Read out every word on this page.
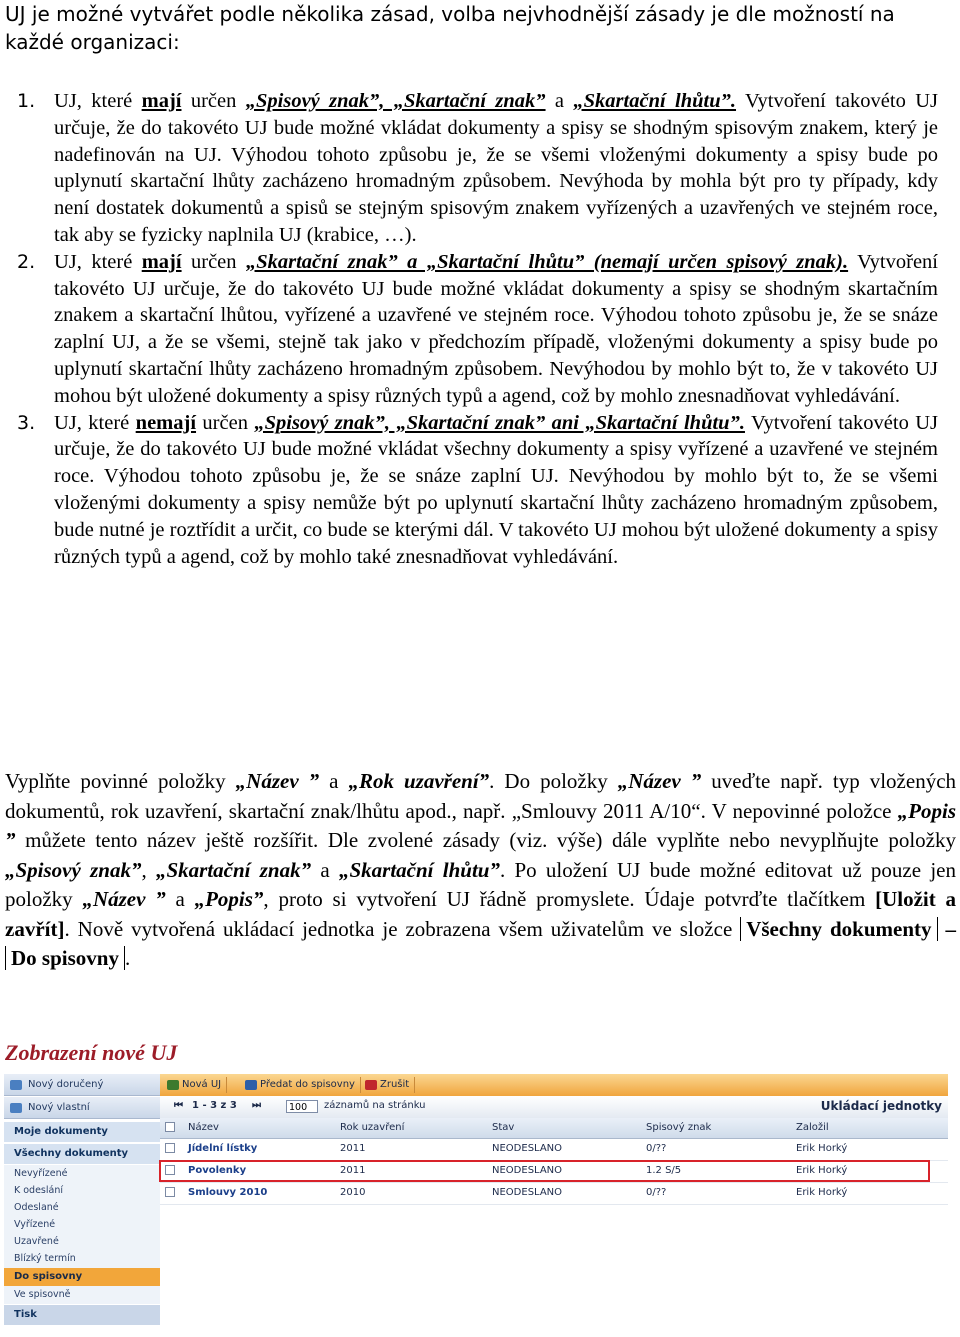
UJ je možné vytvářet podle několika zásad, volba nejvhodnější zásady je dle možností na každé organizaci:

1. UJ, které mají určen „Spisový znak”, „Skartační znak” a „Skartační lhůtu”. Vytvoření takovéto UJ určuje, že do takovéto UJ bude možné vkládat dokumenty a spisy se shodným spisovým znakem, který je nadefinován na UJ. Výhodou tohoto způsobu je, že se všemi vloženými dokumenty a spisy bude po uplynutí skartační lhůty zacházeno hromadným způsobem. Nevýhoda by mohla být pro ty případy, kdy není dostatek dokumentů a spisů se stejným spisovým znakem vyřízených a uzavřených ve stejném roce, tak aby se fyzicky naplnila UJ (krabice, …).
2. UJ, které mají určen „Skartační znak” a „Skartační lhůtu” (nemají určen spisový znak). Vytvoření takovéto UJ určuje, že do takovéto UJ bude možné vkládat dokumenty a spisy se shodným skartačním znakem a skartační lhůtou, vyřízené a uzavřené ve stejném roce. Výhodou tohoto způsobu je, že se snáze zaplní UJ, a že se všemi, stejně tak jako v předchozím případě, vloženými dokumenty a spisy bude po uplynutí skartační lhůty zacházeno hromadným způsobem. Nevýhodou by mohlo být to, že v takovéto UJ mohou být uložené dokumenty a spisy různých typů a agend, což by mohlo znesnadňovat vyhledávání.
3. UJ, které nemají určen „Spisový znak”, „Skartační znak” ani „Skartační lhůtu”. Vytvoření takovéto UJ určuje, že do takovéto UJ bude možné vkládat všechny dokumenty a spisy vyřízené a uzavřené ve stejném roce. Výhodou tohoto způsobu je, že se snáze zaplní UJ. Nevýhodou by mohlo být to, že se všemi vloženými dokumenty a spisy nemůže být po uplynutí skartační lhůty zacházeno hromadným způsobem, bude nutné je roztřídit a určit, co bude se kterými dál. V takovéto UJ mohou být uložené dokumenty a spisy různých typů a agend, což by mohlo také znesnadňovat vyhledávání.

Vyplňte povinné položky „Název ” a „Rok uzavření”. Do položky „Název ” uveďte např. typ vložených dokumentů, rok uzavření, skartační znak/lhůtu apod., např. „Smlouvy 2011 A/10“. V nepovinné položce „Popis ” můžete tento název ještě rozšířit. Dle zvolené zásady (viz. výše) dále vyplňte nebo nevyplňujte položky „Spisový znak”, „Skartační znak” a „Skartační lhůtu”. Po uložení UJ bude možné editovat už pouze jen položky „Název ” a „Popis”, proto si vytvoření UJ řádně promyslete. Údaje potvrďte tlačítkem [Uložit a zavřít]. Nově vytvořená ukládací jednotka je zobrazena všem uživatelům ve složce Všechny dokumenty – Do spisovny .

Zobrazení nové UJ
Nový doručený
Nový vlastní
Moje dokumenty
Všechny dokumenty
Nevyřízené
K odeslání
Odeslané
Vyřízené
Uzavřené
Blízký termín
Do spisovny
Ve spisovně
Tisk
Nová UJ	Předat do spisovny	Zrušit
⏮ 1 - 3 z 3 ⏭	100	záznamů na stránku	Ukládací jednotky
Název	Rok uzavření	Stav	Spisový znak	Založil
Jídelní lístky	2011	NEODESLANO	0/??	Erik Horký
Povolenky	2011	NEODESLANO	1.2 S/5	Erik Horký
Smlouvy 2010	2010	NEODESLANO	0/??	Erik Horký
